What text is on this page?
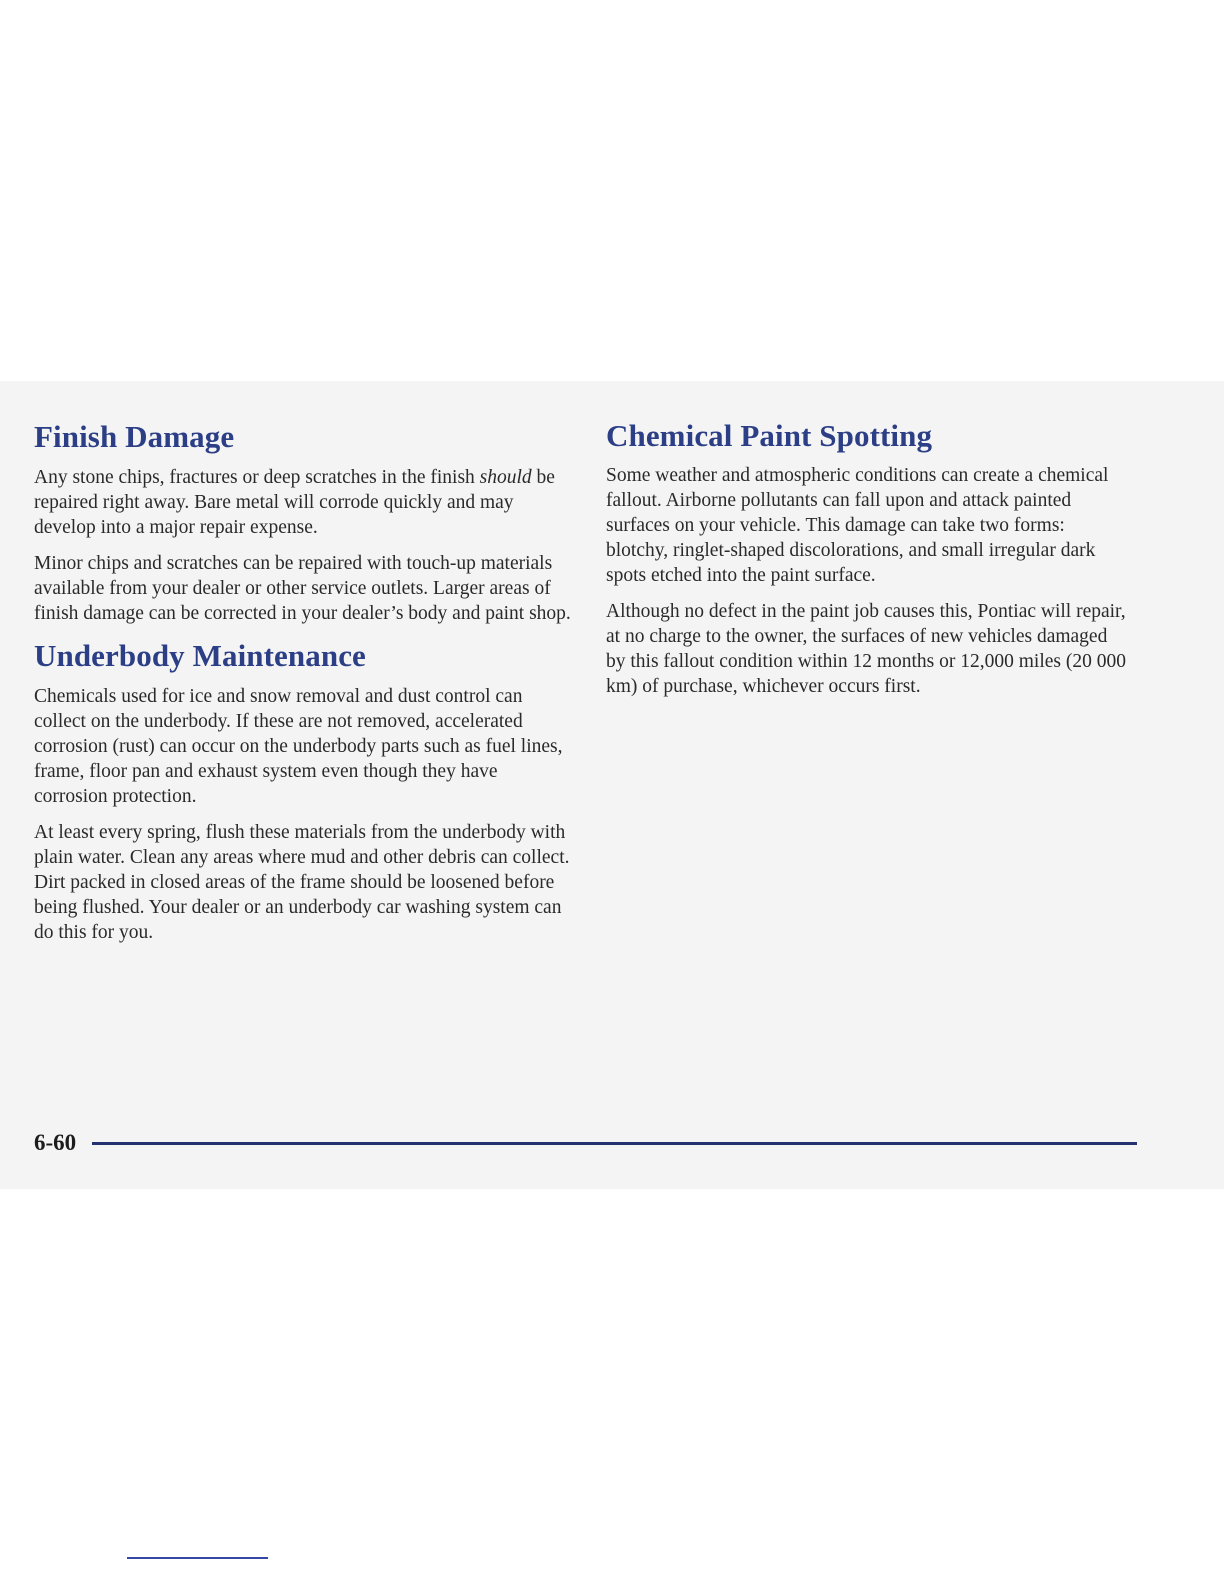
Finish Damage

Any stone chips, fractures or deep scratches in the finish should be repaired right away. Bare metal will corrode quickly and may develop into a major repair expense.

Minor chips and scratches can be repaired with touch-up materials available from your dealer or other service outlets. Larger areas of finish damage can be corrected in your dealer’s body and paint shop.

Underbody Maintenance

Chemicals used for ice and snow removal and dust control can collect on the underbody. If these are not removed, accelerated corrosion (rust) can occur on the underbody parts such as fuel lines, frame, floor pan and exhaust system even though they have corrosion protection.

At least every spring, flush these materials from the underbody with plain water. Clean any areas where mud and other debris can collect. Dirt packed in closed areas of the frame should be loosened before being flushed. Your dealer or an underbody car washing system can do this for you.

Chemical Paint Spotting

Some weather and atmospheric conditions can create a chemical fallout. Airborne pollutants can fall upon and attack painted surfaces on your vehicle. This damage can take two forms: blotchy, ringlet-shaped discolorations, and small irregular dark spots etched into the paint surface.

Although no defect in the paint job causes this, Pontiac will repair, at no charge to the owner, the surfaces of new vehicles damaged by this fallout condition within 12 months or 12,000 miles (20 000 km) of purchase, whichever occurs first.

6-60
